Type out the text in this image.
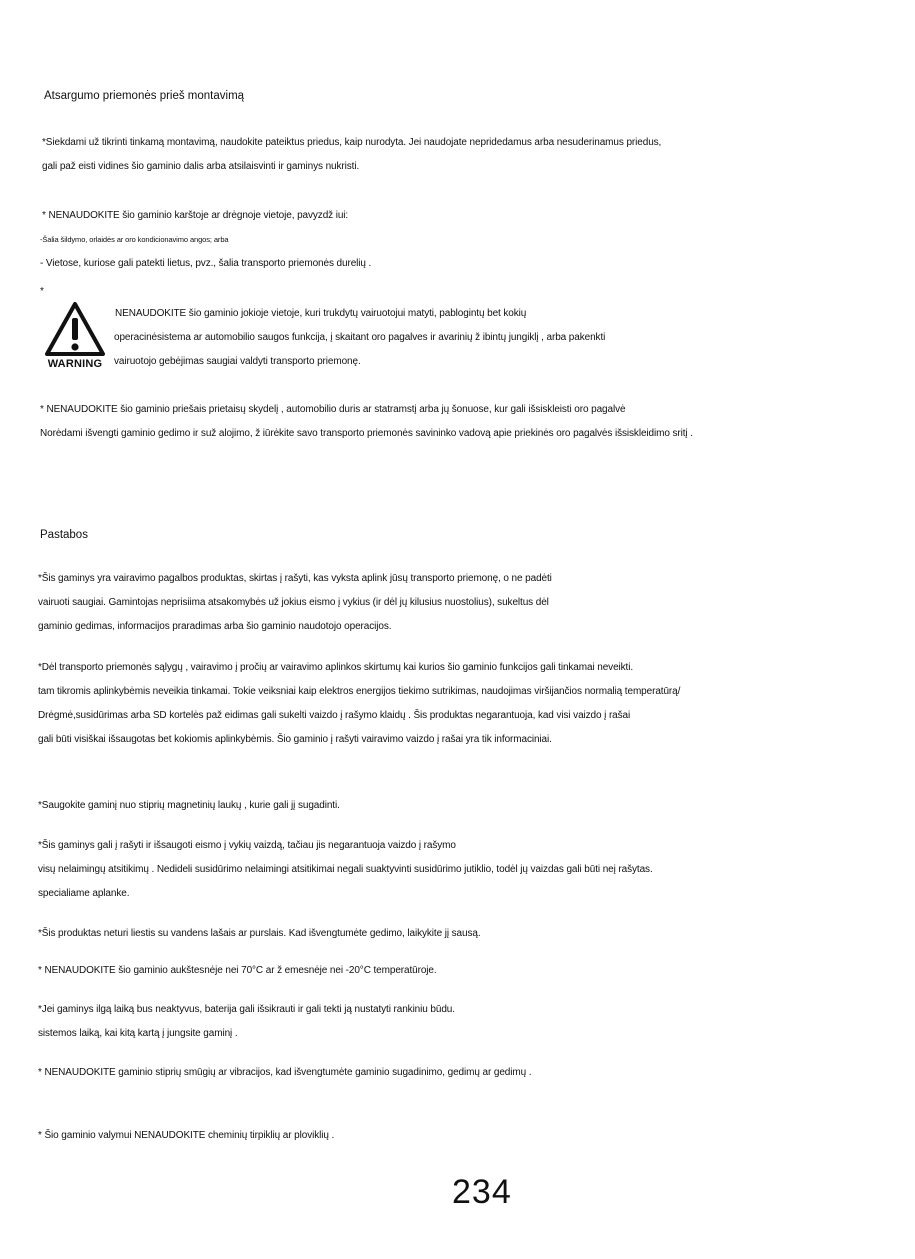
Atsargumo priemonės prieš montavimą
*Siekdami už tikrinti tinkamą montavimą, naudokite pateiktus priedus, kaip nurodyta. Jei naudojate nepridedamus arba nesuderinamus priedus,
gali paž eisti vidines šio gaminio dalis arba atsilaisvinti ir gaminys nukristi.
* NENAUDOKITE šio gaminio karštoje ar drėgnoje vietoje, pavyzdž iui:
-Šalia šildymo, orlaidės ar oro kondicionavimo angos; arba
- Vietose, kuriose gali patekti lietus, pvz., šalia transporto priemonės durelių .
*
WARNING
NENAUDOKITE šio gaminio jokioje vietoje, kuri trukdytų vairuotojui matyti, pablogintų bet kokių
operacinėsistema ar automobilio saugos funkcija, į skaitant oro pagalves ir avarinių ž ibintų jungiklį , arba pakenkti
vairuotojo gebėjimas saugiai valdyti transporto priemonę.
* NENAUDOKITE šio gaminio priešais prietaisų skydelį , automobilio duris ar statramstį arba jų šonuose, kur gali išsiskleisti oro pagalvė
Norėdami išvengti gaminio gedimo ir suž alojimo, ž iūrėkite savo transporto priemonės savininko vadovą apie priekinės oro pagalvės išsiskleidimo sritį .
Pastabos
*Šis gaminys yra vairavimo pagalbos produktas, skirtas į rašyti, kas vyksta aplink jūsų transporto priemonę, o ne padėti
vairuoti saugiai. Gamintojas neprisiima atsakomybės už jokius eismo į vykius (ir dėl jų kilusius nuostolius), sukeltus dėl
gaminio gedimas, informacijos praradimas arba šio gaminio naudotojo operacijos.
*Dėl transporto priemonės sąlygų , vairavimo į pročių ar vairavimo aplinkos skirtumų kai kurios šio gaminio funkcijos gali tinkamai neveikti.
tam tikromis aplinkybėmis neveikia tinkamai. Tokie veiksniai kaip elektros energijos tiekimo sutrikimas, naudojimas viršijančios normalią temperatūrą/
Drėgmė,susidūrimas arba SD kortelės paž eidimas gali sukelti vaizdo į rašymo klaidų . Šis produktas negarantuoja, kad visi vaizdo į rašai
gali būti visiškai išsaugotas bet kokiomis aplinkybėmis. Šio gaminio į rašyti vairavimo vaizdo į rašai yra tik informaciniai.
*Saugokite gaminį nuo stiprių magnetinių laukų , kurie gali jį sugadinti.
*Šis gaminys gali į rašyti ir išsaugoti eismo į vykių vaizdą, tačiau jis negarantuoja vaizdo į rašymo
visų nelaimingų atsitikimų . Nedideli susidūrimo nelaimingi atsitikimai negali suaktyvinti susidūrimo jutiklio, todėl jų vaizdas gali būti neį rašytas.
specialiame aplanke.
*Šis produktas neturi liestis su vandens lašais ar purslais. Kad išvengtumėte gedimo, laikykite jį sausą.
* NENAUDOKITE šio gaminio aukštesnėje nei 70°C ar ž emesnėje nei -20°C temperatūroje.
*Jei gaminys ilgą laiką bus neaktyvus, baterija gali išsikrauti ir gali tekti ją nustatyti rankiniu būdu.
sistemos laiką, kai kitą kartą į jungsite gaminį .
* NENAUDOKITE gaminio stiprių smūgių ar vibracijos, kad išvengtumėte gaminio sugadinimo, gedimų ar gedimų .
* Šio gaminio valymui NENAUDOKITE cheminių tirpiklių ar ploviklių .
234
